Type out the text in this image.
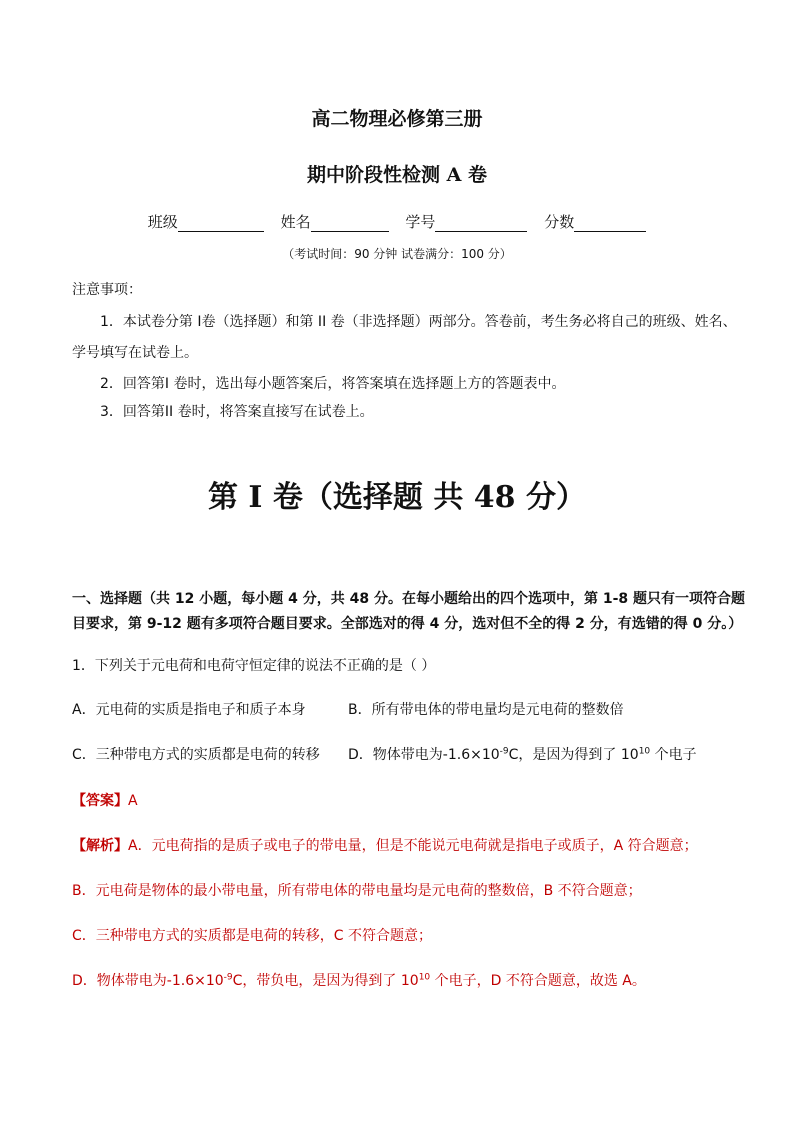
高二物理必修第三册
期中阶段性检测 A 卷
班级	姓名	学号	分数
（考试时间：90 分钟 试卷满分：100 分）
注意事项：
1．本试卷分第 I卷（选择题）和第 II 卷（非选择题）两部分。答卷前，考生务必将自己的班级、姓名、
学号填写在试卷上。
2．回答第I 卷时，选出每小题答案后，将答案填在选择题上方的答题表中。
3．回答第II 卷时，将答案直接写在试卷上。
第 I 卷（选择题 共 48 分）
一、选择题（共 12 小题，每小题 4 分，共 48 分。在每小题给出的四个选项中，第 1-8 题只有一项符合题
目要求，第 9-12 题有多项符合题目要求。全部选对的得 4 分，选对但不全的得 2 分，有选错的得 0 分。）
1．下列关于元电荷和电荷守恒定律的说法不正确的是（ ）
A．元电荷的实质是指电子和质子本身	B．所有带电体的带电量均是元电荷的整数倍
C．三种带电方式的实质都是电荷的转移 D．物体带电为$-1.6\times 10^{-9}C$，是因为得到了 $10^{10}$ 个电子
【答案】A
【解析】A．元电荷指的是质子或电子的带电量，但是不能说元电荷就是指电子或质子，A 符合题意；
B．元电荷是物体的最小带电量，所有带电体的带电量均是元电荷的整数倍，B 不符合题意；
C．三种带电方式的实质都是电荷的转移，C 不符合题意；
D．物体带电为$-1.6\times 10^{-9}C$，带负电，是因为得到了 $10^{10}$ 个电子，D 不符合题意，故选 A。
